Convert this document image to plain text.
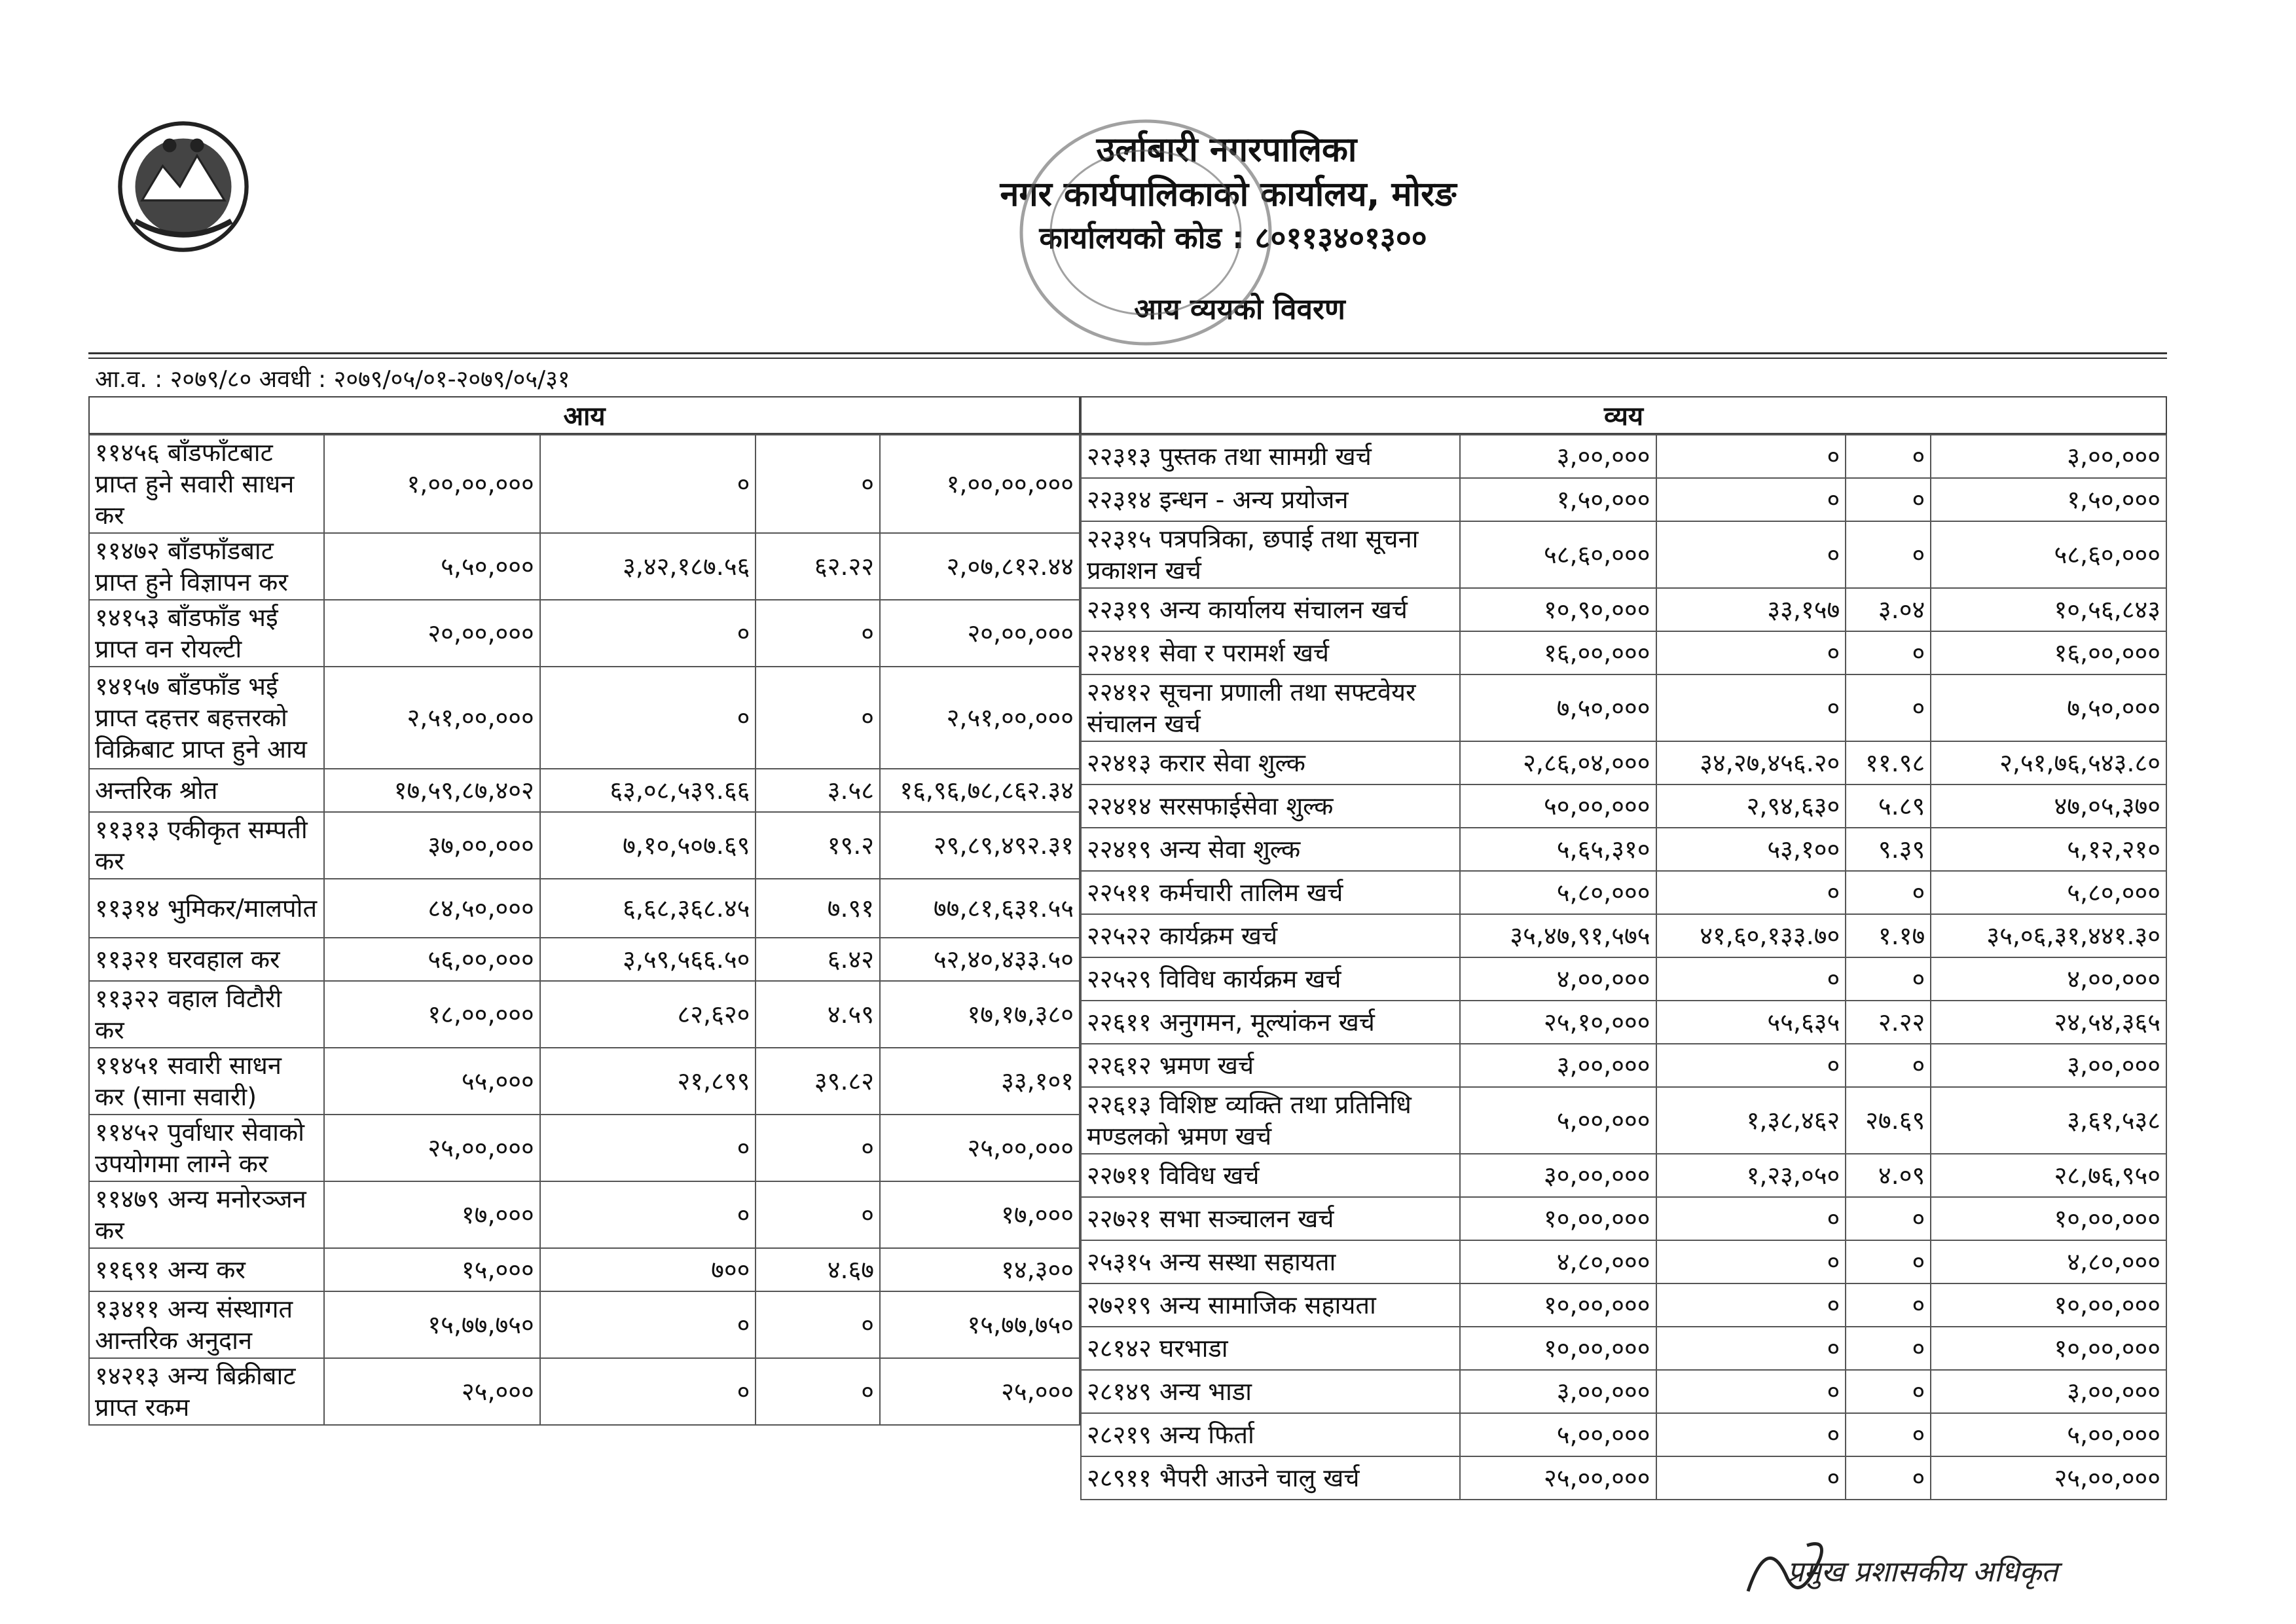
उर्लाबारी नगरपालिका
नगर कार्यपालिकाको कार्यालय, मोरङ
कार्यालयको कोड : ८०११३४०१३००
आय व्ययको विवरण
आ.व. : २०७९/८० अवधी : २०७९/०५/०१-२०७९/०५/३१
आय	व्यय
११४५६ बाँडफाँटबाट प्राप्त हुने सवारी साधन कर	१,००,००,०००	०	०	१,००,००,०००
११४७२ बाँडफाँडबाट प्राप्त हुने विज्ञापन कर	५,५०,०००	३,४२,१८७.५६	६२.२२	२,०७,८१२.४४
१४१५३ बाँडफाँड भई प्राप्त वन रोयल्टी	२०,००,०००	०	०	२०,००,०००
१४१५७ बाँडफाँड भई प्राप्त दहत्तर बहत्तरको विक्रिबाट प्राप्त हुने आय	२,५१,००,०००	०	०	२,५१,००,०००
अन्तरिक श्रोत	१७,५९,८७,४०२	६३,०८,५३९.६६	३.५८	१६,९६,७८,८६२.३४
११३१३ एकीकृत सम्पती कर	३७,००,०००	७,१०,५०७.६९	१९.२	२९,८९,४९२.३१
११३१४ भुमिकर/मालपोत	८४,५०,०००	६,६८,३६८.४५	७.९१	७७,८१,६३१.५५
११३२१ घरवहाल कर	५६,००,०००	३,५९,५६६.५०	६.४२	५२,४०,४३३.५०
११३२२ वहाल विटौरी कर	१८,००,०००	८२,६२०	४.५९	१७,१७,३८०
११४५१ सवारी साधन कर (साना सवारी)	५५,०००	२१,८९९	३९.८२	३३,१०१
११४५२ पुर्वाधार सेवाको उपयोगमा लाग्ने कर	२५,००,०००	०	०	२५,००,०००
११४७९ अन्य मनोरञ्जन कर	१७,०००	०	०	१७,०००
११६९१ अन्य कर	१५,०००	७००	४.६७	१४,३००
१३४११ अन्य संस्थागत आन्तरिक अनुदान	१५,७७,७५०	०	०	१५,७७,७५०
१४२१३ अन्य बिक्रीबाट प्राप्त रकम	२५,०००	०	०	२५,०००
२२३१३ पुस्तक तथा सामग्री खर्च	३,००,०००	०	०	३,००,०००
२२३१४ इन्धन - अन्य प्रयोजन	१,५०,०००	०	०	१,५०,०००
२२३१५ पत्रपत्रिका, छपाई तथा सूचना प्रकाशन खर्च	५८,६०,०००	०	०	५८,६०,०००
२२३१९ अन्य कार्यालय संचालन खर्च	१०,९०,०००	३३,१५७	३.०४	१०,५६,८४३
२२४११ सेवा र परामर्श खर्च	१६,००,०००	०	०	१६,००,०००
२२४१२ सूचना प्रणाली तथा सफ्टवेयर संचालन खर्च	७,५०,०००	०	०	७,५०,०००
२२४१३ करार सेवा शुल्क	२,८६,०४,०००	३४,२७,४५६.२०	११.९८	२,५१,७६,५४३.८०
२२४१४ सरसफाईसेवा शुल्क	५०,००,०००	२,९४,६३०	५.८९	४७,०५,३७०
२२४१९ अन्य सेवा शुल्क	५,६५,३१०	५३,१००	९.३९	५,१२,२१०
२२५११ कर्मचारी तालिम खर्च	५,८०,०००	०	०	५,८०,०००
२२५२२ कार्यक्रम खर्च	३५,४७,९१,५७५	४१,६०,१३३.७०	१.१७	३५,०६,३१,४४१.३०
२२५२९ विविध कार्यक्रम खर्च	४,००,०००	०	०	४,००,०००
२२६११ अनुगमन, मूल्यांकन खर्च	२५,१०,०००	५५,६३५	२.२२	२४,५४,३६५
२२६१२ भ्रमण खर्च	३,००,०००	०	०	३,००,०००
२२६१३ विशिष्ट व्यक्ति तथा प्रतिनिधि मण्डलको भ्रमण खर्च	५,००,०००	१,३८,४६२	२७.६९	३,६१,५३८
२२७११ विविध खर्च	३०,००,०००	१,२३,०५०	४.०९	२८,७६,९५०
२२७२१ सभा सञ्चालन खर्च	१०,००,०००	०	०	१०,००,०००
२५३१५ अन्य सस्था सहायता	४,८०,०००	०	०	४,८०,०००
२७२१९ अन्य सामाजिक सहायता	१०,००,०००	०	०	१०,००,०००
२८१४२ घरभाडा	१०,००,०००	०	०	१०,००,०००
२८१४९ अन्य भाडा	३,००,०००	०	०	३,००,०००
२८२१९ अन्य फिर्ता	५,००,०००	०	०	५,००,०००
२८९११ भैपरी आउने चालु खर्च	२५,००,०००	०	०	२५,००,०००
प्रमुख प्रशासकीय अधिकृत
